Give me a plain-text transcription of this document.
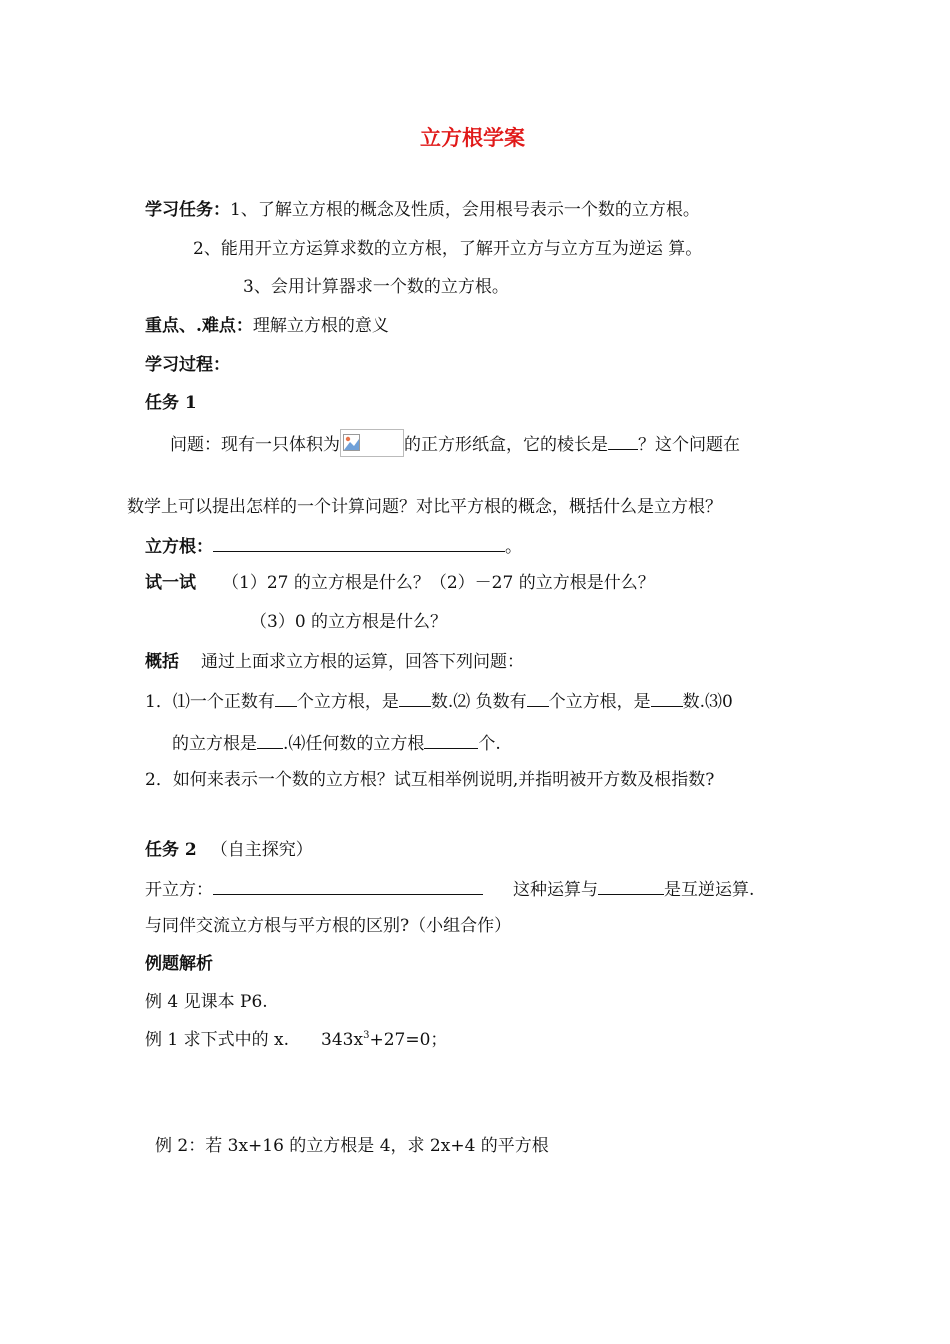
立方根学案
学习任务：1、了解立方根的概念及性质，会用根号表示一个数的立方根。
2、能用开立方运算求数的立方根，了解开立方与立方互为逆运 算。
3、会用计算器求一个数的立方根。
重点、.难点：理解立方根的意义
学习过程：
任务 1
问题：现有一只体积为	的正方形纸盒，它的棱长是 ？这个问题在
数学上可以提出怎样的一个计算问题？对比平方根的概念，概括什么是立方根？
立方根：	。
试一试 （1）27 的立方根是什么？（2）－27 的立方根是什么？
（3）0 的立方根是什么？
概括 通过上面求立方根的运算，回答下列问题：
1．⑴一个正数有 个立方根，是 数.⑵ 负数有 个立方根，是 数.⑶0
的立方根是 .⑷任何数的立方根	个.
2．如何来表示一个数的立方根？试互相举例说明,并指明被开方数及根指数?
任务 2 （自主探究）
开立方：	这种运算与	是互逆运算.
与同伴交流立方根与平方根的区别?（小组合作）
例题解析
例 4 见课本 P6.
例 1 求下式中的 x. $343x^3+27=0$；
例 2：若 3x+16 的立方根是 4，求 2x+4 的平方根
